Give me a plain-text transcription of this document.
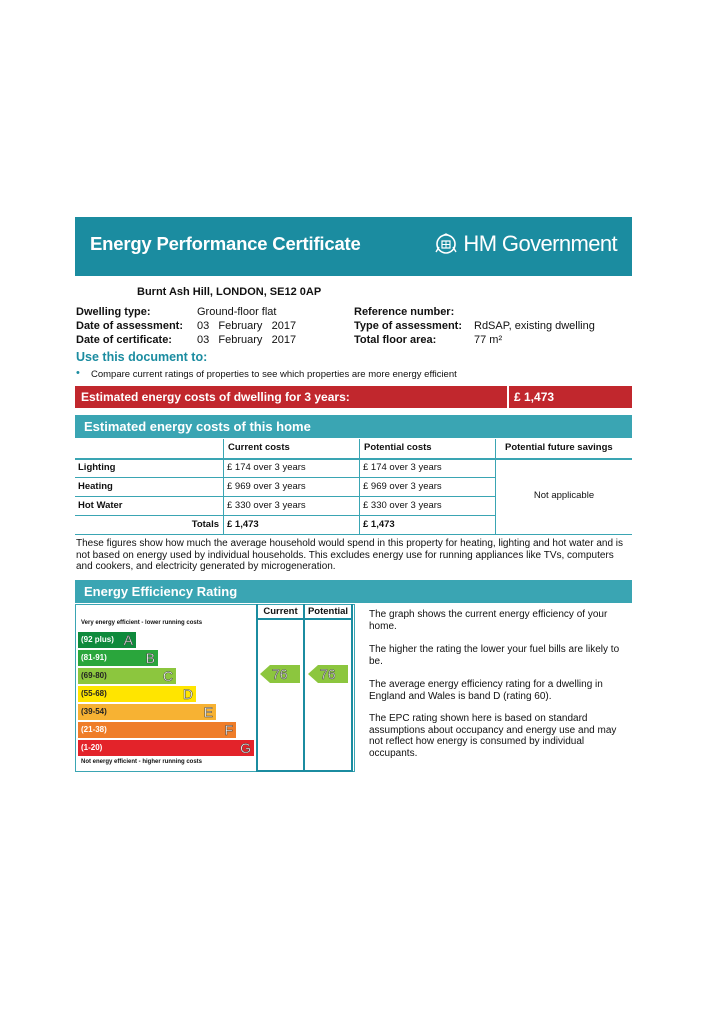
Energy Performance Certificate	HM Government
Burnt Ash Hill, LONDON, SE12 0AP
Dwelling type:	Ground-floor flat
Date of assessment: 03   February   2017
Date of certificate: 03   February   2017
Reference number:
Type of assessment: RdSAP, existing dwelling
Total floor area:	77 m²
Use this document to:
• Compare current ratings of properties to see which properties are more energy efficient
Estimated energy costs of dwelling for 3 years:	£ 1,473
Estimated energy costs of this home
Current costs	Potential costs	Potential future savings
Lighting	£ 174 over 3 years	£ 174 over 3 years
Heating	£ 969 over 3 years	£ 969 over 3 years
Hot Water	£ 330 over 3 years	£ 330 over 3 years
Not applicable
Totals £ 1,473	£ 1,473
These figures show how much the average household would spend in this property for heating, lighting and hot water and is not based on energy used by individual households. This excludes energy use for running appliances like TVs, computers and cookers, and electricity generated by microgeneration.
Energy Efficiency Rating
Current	Potential
Very energy efficient - lower running costs
(92 plus) A
(81-91)	B
(69-80)	C
(55-68)	D
(39-54)	E
(21-38)	F
(1-20)	G
Not energy efficient - higher running costs
76 76
The graph shows the current energy efficiency of your home.
The higher the rating the lower your fuel bills are likely to be.
The average energy efficiency rating for a dwelling in England and Wales is band D (rating 60).
The EPC rating shown here is based on standard assumptions about occupancy and energy use and may not reflect how energy is consumed by individual occupants.
